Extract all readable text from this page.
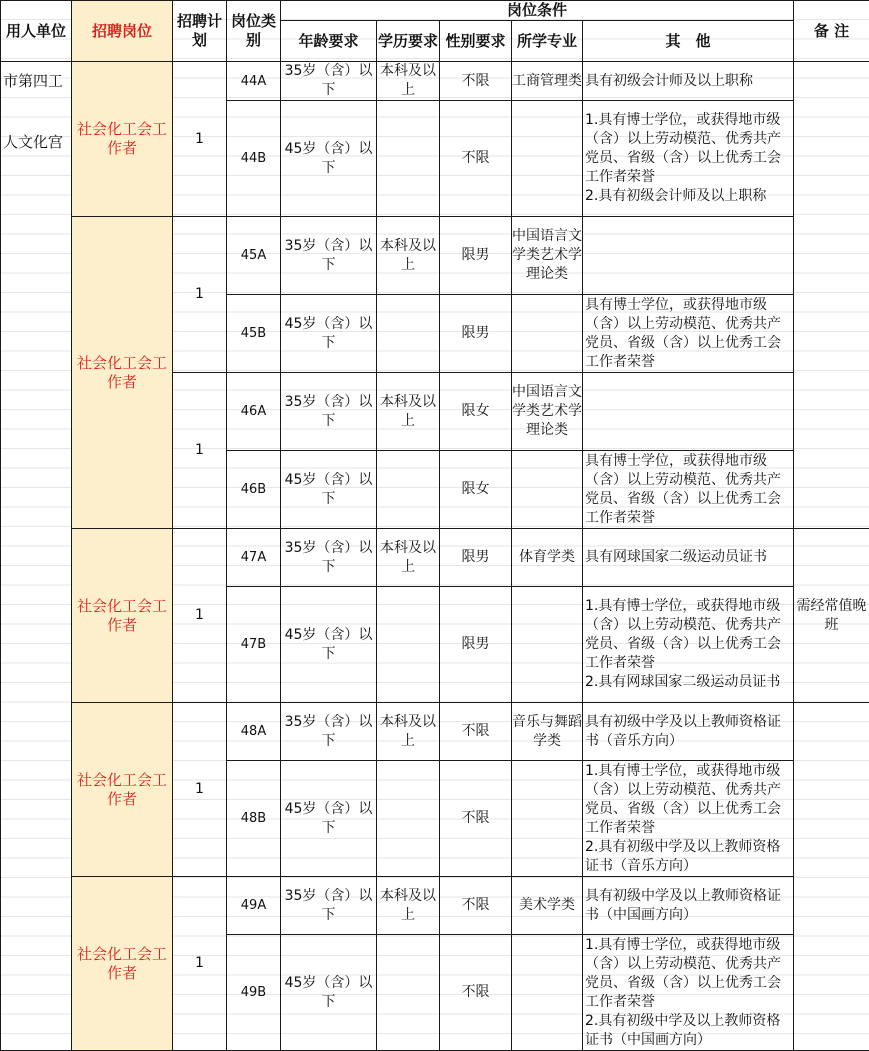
用人单位	招聘岗位	招聘计划	岗位类别	岗位条件					备 注
				年龄要求	学历要求	性别要求	所学专业	其　他	

市第四工
人文化宫	社会化工会工作者	1	44A	35岁（含）以下	本科及以上	不限	工商管理类	具有初级会计师及以上职称	
			44B	45岁（含）以下		不限		1.具有博士学位，或获得地市级（含）以上劳动模范、优秀共产党员、省级（含）以上优秀工会工作者荣誉
2.具有初级会计师及以上职称	
	社会化工会工作者	1	45A	35岁（含）以下	本科及以上	限男	中国语言文学类艺术学理论类		
			45B	45岁（含）以下		限男		具有博士学位，或获得地市级（含）以上劳动模范、优秀共产党员、省级（含）以上优秀工会工作者荣誉	
		1	46A	35岁（含）以下	本科及以上	限女	中国语言文学类艺术学理论类		
			46B	45岁（含）以下		限女		具有博士学位，或获得地市级（含）以上劳动模范、优秀共产党员、省级（含）以上优秀工会工作者荣誉	
	社会化工会工作者	1	47A	35岁（含）以下	本科及以上	限男	体育学类	具有网球国家二级运动员证书	需经常值晚班
			47B	45岁（含）以下		限男		1.具有博士学位，或获得地市级（含）以上劳动模范、优秀共产党员、省级（含）以上优秀工会工作者荣誉
2.具有网球国家二级运动员证书	
	社会化工会工作者	1	48A	35岁（含）以下	本科及以上	不限	音乐与舞蹈学类	具有初级中学及以上教师资格证书（音乐方向）	
			48B	45岁（含）以下		不限		1.具有博士学位，或获得地市级（含）以上劳动模范、优秀共产党员、省级（含）以上优秀工会工作者荣誉
2.具有初级中学及以上教师资格证书（音乐方向）	
	社会化工会工作者	1	49A	35岁（含）以下	本科及以上	不限	美术学类	具有初级中学及以上教师资格证书（中国画方向）	
			49B	45岁（含）以下		不限		1.具有博士学位，或获得地市级（含）以上劳动模范、优秀共产党员、省级（含）以上优秀工会工作者荣誉
2.具有初级中学及以上教师资格证书（中国画方向）	
